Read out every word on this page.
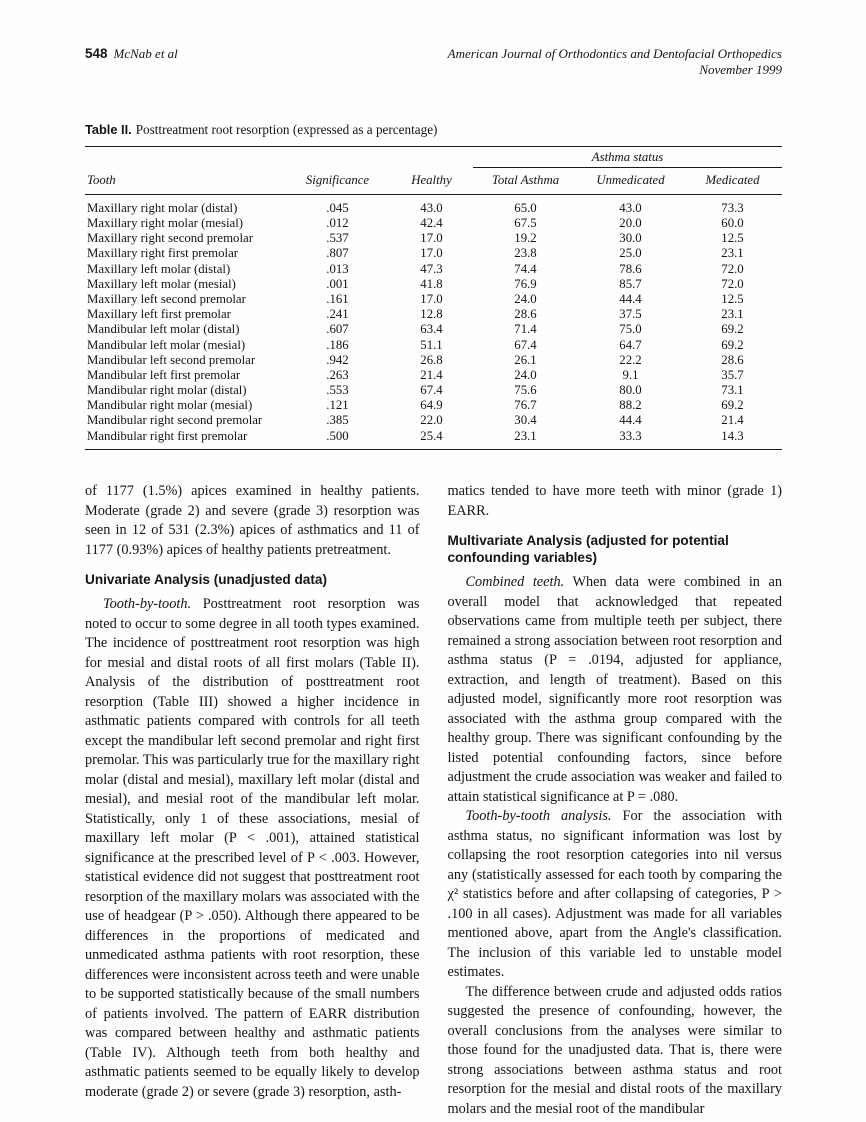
548 McNab et al	American Journal of Orthodontics and Dentofacial Orthopedics
November 1999
Table II. Posttreatment root resorption (expressed as a percentage)
			Asthma status		
Tooth	Significance	Healthy	Total Asthma	Unmedicated	Medicated
Maxillary right molar (distal)	.045	43.0	65.0	43.0	73.3
Maxillary right molar (mesial)	.012	42.4	67.5	20.0	60.0
Maxillary right second premolar	.537	17.0	19.2	30.0	12.5
Maxillary right first premolar	.807	17.0	23.8	25.0	23.1
Maxillary left molar (distal)	.013	47.3	74.4	78.6	72.0
Maxillary left molar (mesial)	.001	41.8	76.9	85.7	72.0
Maxillary left second premolar	.161	17.0	24.0	44.4	12.5
Maxillary left first premolar	.241	12.8	28.6	37.5	23.1
Mandibular left molar (distal)	.607	63.4	71.4	75.0	69.2
Mandibular left molar (mesial)	.186	51.1	67.4	64.7	69.2
Mandibular left second premolar	.942	26.8	26.1	22.2	28.6
Mandibular left first premolar	.263	21.4	24.0	9.1	35.7
Mandibular right molar (distal)	.553	67.4	75.6	80.0	73.1
Mandibular right molar (mesial)	.121	64.9	76.7	88.2	69.2
Mandibular right second premolar	.385	22.0	30.4	44.4	21.4
Mandibular right first premolar	.500	25.4	23.1	33.3	14.3

of 1177 (1.5%) apices examined in healthy patients. Moderate (grade 2) and severe (grade 3) resorption was seen in 12 of 531 (2.3%) apices of asthmatics and 11 of 1177 (0.93%) apices of healthy patients pretreatment.

Univariate Analysis (unadjusted data)

Tooth-by-tooth. Posttreatment root resorption was noted to occur to some degree in all tooth types examined. The incidence of posttreatment root resorption was high for mesial and distal roots of all first molars (Table II). Analysis of the distribution of posttreatment root resorption (Table III) showed a higher incidence in asthmatic patients compared with controls for all teeth except the mandibular left second premolar and right first premolar. This was particularly true for the maxillary right molar (distal and mesial), maxillary left molar (distal and mesial), and mesial root of the mandibular left molar. Statistically, only 1 of these associations, mesial of maxillary left molar (P < .001), attained statistical significance at the prescribed level of P < .003. However, statistical evidence did not suggest that posttreatment root resorption of the maxillary molars was associated with the use of headgear (P > .050). Although there appeared to be differences in the proportions of medicated and unmedicated asthma patients with root resorption, these differences were inconsistent across teeth and were unable to be supported statistically because of the small numbers of patients involved. The pattern of EARR distribution was compared between healthy and asthmatic patients (Table IV). Although teeth from both healthy and asthmatic patients seemed to be equally likely to develop moderate (grade 2) or severe (grade 3) resorption, asth-

matics tended to have more teeth with minor (grade 1) EARR.

Multivariate Analysis (adjusted for potential confounding variables)

Combined teeth. When data were combined in an overall model that acknowledged that repeated observations came from multiple teeth per subject, there remained a strong association between root resorption and asthma status (P = .0194, adjusted for appliance, extraction, and length of treatment). Based on this adjusted model, significantly more root resorption was associated with the asthma group compared with the healthy group. There was significant confounding by the listed potential confounding factors, since before adjustment the crude association was weaker and failed to attain statistical significance at P = .080.

Tooth-by-tooth analysis. For the association with asthma status, no significant information was lost by collapsing the root resorption categories into nil versus any (statistically assessed for each tooth by comparing the χ² statistics before and after collapsing of categories, P > .100 in all cases). Adjustment was made for all variables mentioned above, apart from the Angle's classification. The inclusion of this variable led to unstable model estimates.

The difference between crude and adjusted odds ratios suggested the presence of confounding, however, the overall conclusions from the analyses were similar to those found for the unadjusted data. That is, there were strong associations between asthma status and root resorption for the mesial and distal roots of the maxillary molars and the mesial root of the mandibular
